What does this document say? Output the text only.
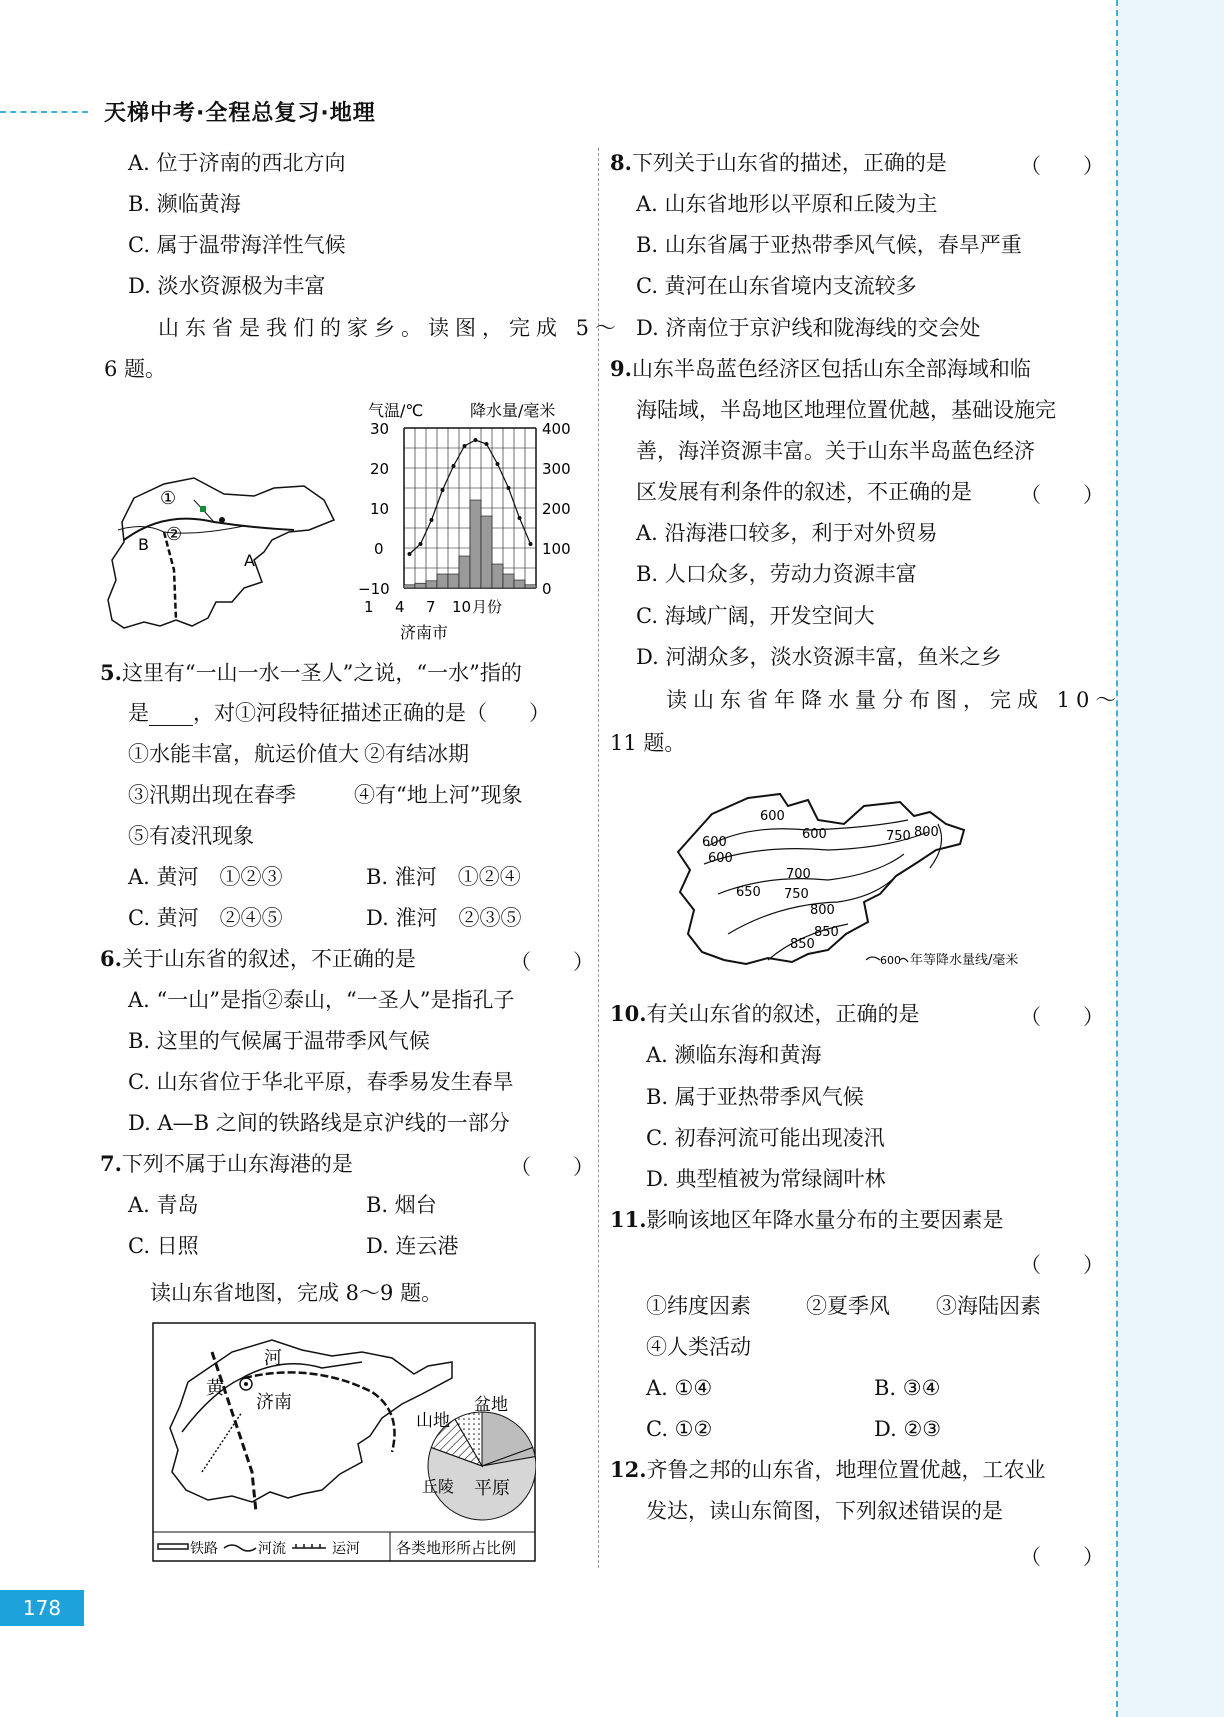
天梯中考·全程总复习·地理
178
A. 位于济南的西北方向
B. 濒临黄海
C. 属于温带海洋性气候
D. 淡水资源极为丰富
山东省是我们的家乡。读图，完成 5～
6 题。
①
②
A
B
气温/℃	降水量/毫米
30
20
10
0
−10
400
300
200
100
0
1 4 7 10 月份
济南市
5.这里有“一山一水一圣人”之说，“一水”指的
是 ，对①河段特征描述正确的是（　　）
①水能丰富，航运价值大 ②有结冰期
③汛期出现在春季	④有“地上河”现象
⑤有凌汛现象
A. 黄河　①②③	B. 淮河　①②④
C. 黄河　②④⑤	D. 淮河　②③⑤
6.关于山东省的叙述，不正确的是	（　　）
A. “一山”是指②泰山，“一圣人”是指孔子
B. 这里的气候属于温带季风气候
C. 山东省位于华北平原，春季易发生春旱
D. A—B 之间的铁路线是京沪线的一部分
7.下列不属于山东海港的是	（　　）
A. 青岛	B. 烟台
C. 日照	D. 连云港
读山东省地图，完成 8～9 题。
河
黄
济南
山地
盆地
丘陵 平原
铁路	河流	运河 各类地形所占比例
8.下列关于山东省的描述，正确的是	（　　）
A. 山东省地形以平原和丘陵为主
B. 山东省属于亚热带季风气候，春旱严重
C. 黄河在山东省境内支流较多
D. 济南位于京沪线和陇海线的交会处
9.山东半岛蓝色经济区包括山东全部海域和临
海陆域，半岛地区地理位置优越，基础设施完
善，海洋资源丰富。关于山东半岛蓝色经济
区发展有利条件的叙述，不正确的是 （　　）
A. 沿海港口较多，利于对外贸易
B. 人口众多，劳动力资源丰富
C. 海域广阔，开发空间大
D. 河湖众多，淡水资源丰富，鱼米之乡
读山东省年降水量分布图，完成 10～
11 题。
600
600
600
600
650
700
750
750 800
800
850
850
600 年等降水量线/毫米
10.有关山东省的叙述，正确的是	（　　）
A. 濒临东海和黄海
B. 属于亚热带季风气候
C. 初春河流可能出现凌汛
D. 典型植被为常绿阔叶林
11.影响该地区年降水量分布的主要因素是
（　　）
①纬度因素	②夏季风 ③海陆因素
④人类活动
A. ①④	B. ③④
C. ①②	D. ②③
12.齐鲁之邦的山东省，地理位置优越，工农业
发达，读山东简图，下列叙述错误的是
（　　）
